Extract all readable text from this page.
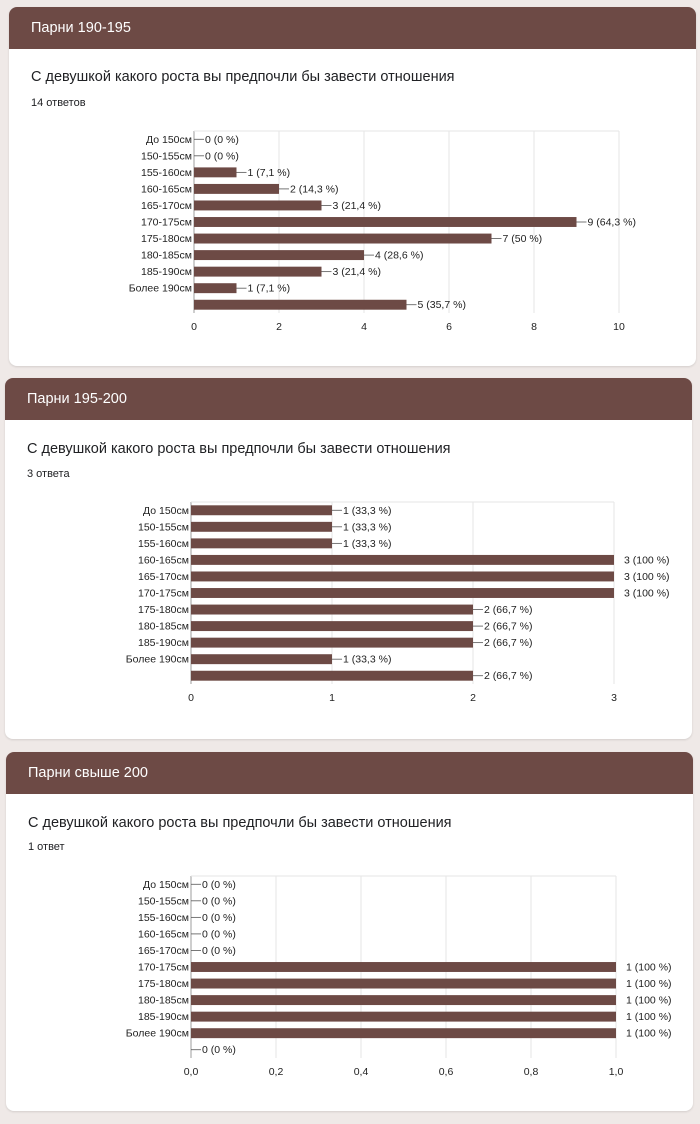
Парни 190-195
С девушкой какого роста вы предпочли бы завести отношения
14 ответов
0	2	4	6	8	10
До 150см 0 (0 %)
150-155см 0 (0 %)
155-160см	1 (7,1 %)
160-165см	2 (14,3 %)
165-170см	3 (21,4 %)
170-175см	9 (64,3 %)
175-180см	7 (50 %)
180-185см	4 (28,6 %)
185-190см	3 (21,4 %)
Более 190см	1 (7,1 %)
5 (35,7 %)
Парни 195-200
С девушкой какого роста вы предпочли бы завести отношения
3 ответа
0	1	2	3
До 150см	1 (33,3 %)
150-155см	1 (33,3 %)
155-160см	1 (33,3 %)
160-165см	3 (100 %)
165-170см	3 (100 %)
170-175см	3 (100 %)
175-180см	2 (66,7 %)
180-185см	2 (66,7 %)
185-190см	2 (66,7 %)
Более 190см	1 (33,3 %)
2 (66,7 %)
Парни свыше 200
С девушкой какого роста вы предпочли бы завести отношения
1 ответ
0,0	0,2	0,4	0,6	0,8	1,0
До 150см 0 (0 %)
150-155см 0 (0 %)
155-160см 0 (0 %)
160-165см 0 (0 %)
165-170см 0 (0 %)
170-175см	1 (100 %)
175-180см	1 (100 %)
180-185см	1 (100 %)
185-190см	1 (100 %)
Более 190см	1 (100 %)
0 (0 %)
